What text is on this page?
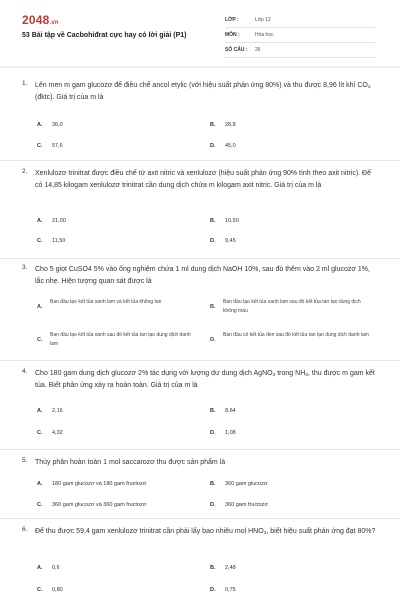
2048.vn
53 Bài tập về Cacbohiđrat cực hay có lời giải (P1)
LỚP :	Lớp 12
MÔN :	Hóa học
SỐ CÂU :	26
1. Lên men m gam glucozơ để điều chế ancol etylic (với hiệu suất phản ứng 80%) và thu được 8,96 lít khí $CO_2$ (đktc). Giá trị của m là
A. 36,0	B. 28,8
C. 57,6	D. 45,0
2. Xenlulozơ trinitrat được điều chế từ axit nitric và xenlulozơ (hiệu suất phản ứng 90% tính theo axit nitric). Để có 14,85 kilogam xenlulozơ trinitrat cần dung dịch chứa m kilogam axit nitric. Giá trị của m là
A. 21,00	B. 10,50
C. 11,50	D. 9,45
3. Cho 5 giọt CuSO4 5% vào ống nghiệm chứa 1 ml dung dịch NaOH 10%, sau đó thêm vào 2 ml glucozơ 1%, lắc nhẹ. Hiện tượng quan sát được là
A.
Ban đầu tạo kết tủa xanh lam và kết tủa không tan
B.
Ban đầu tạo kết tủa xanh lam sau đó kết tủa tan tạo dung dịch không màu
C.
Ban đầu tạo kết tủa xanh sau đó kết tủa tan tạo dung dịch danh lam
D.
Ban đầu có kết tủa đen sau đó kết tủa tan tạo dung dịch danh lam
4. Cho 180 gam dung dịch glucozơ 2% tác dụng với lượng dư dung dịch AgNO$_3$ trong $NH_3$, thu được m gam kết tủa. Biết phản ứng xảy ra hoàn toàn. Giá trị của m là
A. 2,16	B. 8,64
C. 4,32	D. 1,08
5. Thủy phân hoàn toàn 1 mol saccarozơ thu được sản phẩm là
A. 180 gam glucozơ và 180 gam fructozơ	B. 360 gam glucozơ
C. 360 gam glucozơ và 360 gam fructozơ	D. 360 gam fructozơ
6. Để thu được 59,4 gam xenlulozơ trinitrat cần phải lấy bao nhiêu mol $HNO_3$, biết hiệu suất phản ứng đạt 80%?
A. 0,6	B. 2,48
C. 0,80	D. 0,75
